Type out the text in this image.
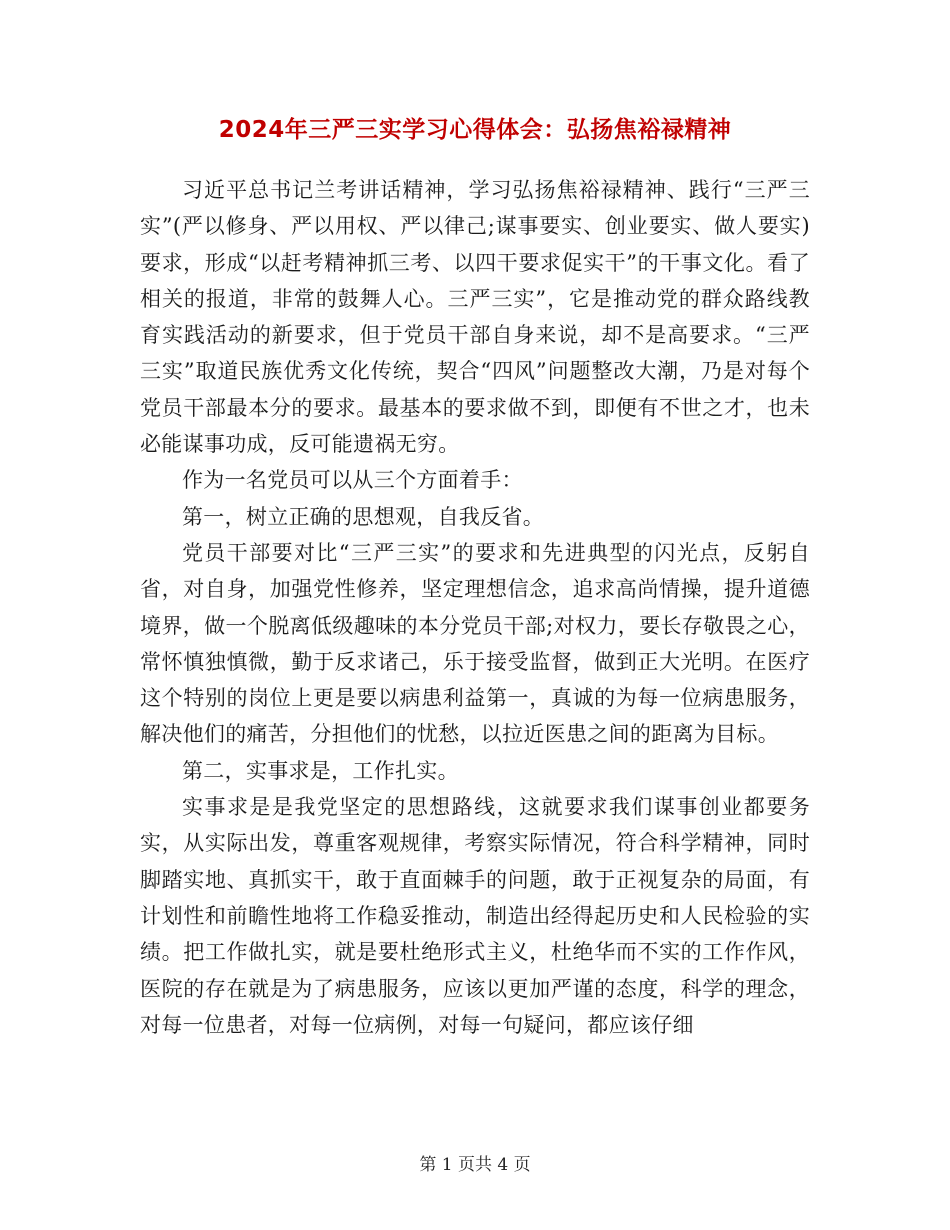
2024年三严三实学习心得体会：弘扬焦裕禄精神

习近平总书记兰考讲话精神，学习弘扬焦裕禄精神、践行“三严三实”(严以修身、严以用权、严以律己;谋事要实、创业要实、做人要实)要求，形成“以赶考精神抓三考、以四干要求促实干”的干事文化。看了相关的报道，非常的鼓舞人心。三严三实”，它是推动党的群众路线教育实践活动的新要求，但于党员干部自身来说，却不是高要求。“三严三实”取道民族优秀文化传统，契合“四风”问题整改大潮，乃是对每个党员干部最本分的要求。最基本的要求做不到，即便有不世之才，也未必能谋事功成，反可能遗祸无穷。

作为一名党员可以从三个方面着手：

第一，树立正确的思想观，自我反省。

党员干部要对比“三严三实”的要求和先进典型的闪光点，反躬自省，对自身，加强党性修养，坚定理想信念，追求高尚情操，提升道德境界，做一个脱离低级趣味的本分党员干部;对权力，要长存敬畏之心，常怀慎独慎微，勤于反求诸己，乐于接受监督，做到正大光明。在医疗这个特别的岗位上更是要以病患利益第一，真诚的为每一位病患服务，解决他们的痛苦，分担他们的忧愁，以拉近医患之间的距离为目标。

第二，实事求是，工作扎实。

实事求是是我党坚定的思想路线，这就要求我们谋事创业都要务实，从实际出发，尊重客观规律，考察实际情况，符合科学精神，同时脚踏实地、真抓实干，敢于直面棘手的问题，敢于正视复杂的局面，有计划性和前瞻性地将工作稳妥推动，制造出经得起历史和人民检验的实绩。把工作做扎实，就是要杜绝形式主义，杜绝华而不实的工作作风，医院的存在就是为了病患服务，应该以更加严谨的态度，科学的理念，对每一位患者，对每一位病例，对每一句疑问，都应该仔细

第 1 页共 4 页
